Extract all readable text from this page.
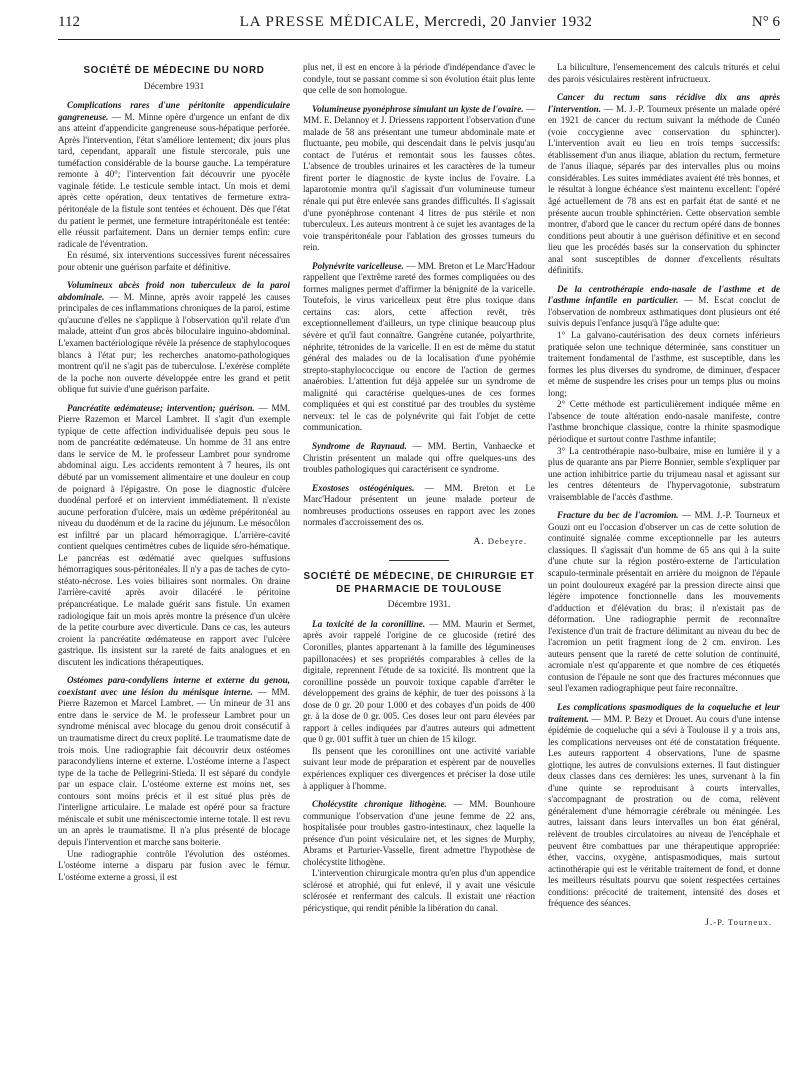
112	LA PRESSE MÉDICALE, Mercredi, 20 Janvier 1932	N° 6
SOCIÉTÉ DE MÉDECINE DU NORD
Décembre 1931

Complications rares d'une péritonite appendiculaire gangreneuse. — M. Minne opère d'urgence un enfant de dix ans atteint d'appendicite gangreneuse sous-hépatique perforée. Après l'intervention, l'état s'améliore lentement; dix jours plus tard, cependant, apparaît une fistule stercorale, puis une tuméfaction considérable de la bourse gauche. La température remonte à 40°; l'intervention fait découvrir une pyocèle vaginale fétide. Le testicule semble intact. Un mois et demi après cette opération, deux tentatives de fermeture extra-péritonéale de la fistule sont tentées et échouent. Dès que l'état du patient le permet, une fermeture intrapéritonéale est tentée: elle réussit parfaitement. Dans un dernier temps enfin: cure radicale de l'éventration.

En résumé, six interventions successives furent nécessaires pour obtenir une guérison parfaite et définitive.

Volumineux abcès froid non tuberculeux de la paroi abdominale. — M. Minne, après avoir rappelé les causes principales de ces inflammations chroniques de la paroi, estime qu'aucune d'elles ne s'applique à l'observation qu'il relate d'un malade, atteint d'un gros abcès biloculaire inguino-abdominal. L'examen bactériologique révèle la présence de staphylocoques blancs à l'état pur; les recherches anatomo-pathologiques montrent qu'il ne s'agit pas de tuberculose. L'exérèse complète de la poche non ouverte développée entre les grand et petit oblique fut suivie d'une guérison parfaite.

Pancréatite œdémateuse; intervention; guérison. — MM. Pierre Razemon et Marcel Lambret. Il s'agit d'un exemple typique de cette affection individualisée depuis peu sous le nom de pancréatite œdémateuse. Un homme de 31 ans entre dans le service de M. le professeur Lambret pour syndrome abdominal aigu. Les accidents remontent à 7 heures, ils ont débuté par un vomissement alimentaire et une douleur en coup de poignard à l'épigastre. On pose le diagnostic d'ulcère duodénal perforé et on intervient immédiatement. Il n'existe aucune perforation d'ulcère, mais un œdème prépéritonéal au niveau du duodénum et de la racine du jéjunum. Le mésocôlon est infiltré par un placard hémorragique. L'arrière-cavité contient quelques centimètres cubes de liquide séro-hématique. Le pancréas est œdématié avec quelques suffusions hémorragiques sous-péritonéales. Il n'y a pas de taches de cyto-stéato-nécrose. Les voies biliaires sont normales. On draine l'arrière-cavité après avoir dilacéré le péritoine prépancréatique. Le malade guérit sans fistule. Un examen radiologique fait un mois après montre la présence d'un ulcère de la petite courbure avec diverticule. Dans ce cas, les auteurs croient la pancréatite œdémateuse en rapport avec l'ulcère gastrique. Ils insistent sur la rareté de faits analogues et en discutent les indications thérapeutiques.

Ostéomes para-condyliens interne et externe du genou, coexistant avec une lésion du ménisque interne. — MM. Pierre Razemon et Marcel Lambret. — Un mineur de 31 ans entre dans le service de M. le professeur Lambret pour un syndrome méniscal avec blocage du genou droit consécutif à un traumatisme direct du creux poplité. Le traumatisme date de trois mois. Une radiographie fait découvrir deux ostéomes paracondyliens interne et externe. L'ostéome interne a l'aspect type de la tache de Pellegrini-Stieda. Il est séparé du condyle par un espace clair. L'ostéome externe est moins net, ses contours sont moins précis et il est situé plus près de l'interligne articulaire. Le malade est opéré pour sa fracture méniscale et subit une méniscectomie interne totale. Il est revu un an après le traumatisme. Il n'a plus présenté de blocage depuis l'intervention et marche sans boiterie.

Une radiographie contrôle l'évolution des ostéomes. L'ostéome interne a disparu par fusion avec le fémur. L'ostéome externe a grossi, il est

plus net, il est en encore à la période d'indépendance d'avec le condyle, tout se passant comme si son évolution était plus lente que celle de son homologue.

Volumineuse pyonéphrose simulant un kyste de l'ovaire. — MM. E. Delannoy et J. Driessens rapportent l'observation d'une malade de 58 ans présentant une tumeur abdominale mate et fluctuante, peu mobile, qui descendait dans le pelvis jusqu'au contact de l'utérus et remontait sous les fausses côtes. L'absence de troubles urinaires et les caractères de la tumeur firent porter le diagnostic de kyste inclus de l'ovaire. La laparotomie montra qu'il s'agissait d'un volumineuse tumeur rénale qui put être enlevée sans grandes difficultés. Il s'agissait d'une pyonéphrose contenant 4 litres de pus stérile et non tuberculeux. Les auteurs montrent à ce sujet les avantages de la voie transpéritonéale pour l'ablation des grosses tumeurs du rein.

Polynévrite varicelleuse. — MM. Breton et Le Marc'Hadour rappellent que l'extrême rareté des formes compliquées ou des formes malignes permet d'affirmer la bénignité de la varicelle. Toutefois, le virus varicelleux peut être plus toxique dans certains cas: alors, cette affection revêt, très exceptionnellement d'ailleurs, un type clinique beaucoup plus sévère et qu'il faut connaître. Gangrène cutanée, polyarthrite, néphrite, tétronides de la varicelle. Il en est de même du statut général des malades ou de la localisation d'une pyohémie strepto-staphylococcique ou encore de l'action de germes anaérobies. L'attention fut déjà appelée sur un syndrome de malignité qui caractérise quelques-unes de ces formes compliquées et qui est constitué par des troubles du système nerveux: tel le cas de polynévrite qui fait l'objet de cette communication.

Syndrome de Raynaud. — MM. Bertin, Vanhaecke et Christin présentent un malade qui offre quelques-uns des troubles pathologiques qui caractérisent ce syndrome.

Exostoses ostéogéniques. — MM. Breton et Le Marc'Hadour présentent un jeune malade porteur de nombreuses productions osseuses en rapport avec les zones normales d'accroissement des os.

A. Debeyre.
SOCIÉTÉ DE MÉDECINE, DE CHIRURGIE ET DE PHARMACIE DE TOULOUSE
Décembre 1931.

La toxicité de la coronilline. — MM. Maurin et Sermet, après avoir rappelé l'origine de ce glucoside (retiré des Coronilles, plantes appartenant à la famille des légumineuses papillonacées) et ses propriétés comparables à celles de la digitale, reprennent l'étude de sa toxicité. Ils montrent que la coronilline possède un pouvoir toxique capable d'arrêter le développement des grains de képhir, de tuer des poissons à la dose de 0 gr. 20 pour 1.000 et des cobayes d'un poids de 400 gr. à la dose de 0 gr. 005. Ces doses leur ont paru élevées par rapport à celles indiquées par d'autres auteurs qui admettent que 0 gr. 001 suffit à tuer un chien de 15 kilogr.

Ils pensent que les coronillines ont une activité variable suivant leur mode de préparation et espèrent par de nouvelles expériences expliquer ces divergences et préciser la dose utile à appliquer à l'homme.

Cholécystite chronique lithogène. — MM. Bounhoure communique l'observation d'une jeune femme de 22 ans, hospitalisée pour troubles gastro-intestinaux, chez laquelle la présence d'un point vésiculaire net, et les signes de Murphy, Abrams et Parturier-Vasselle, firent admettre l'hypothèse de cholécystite lithogène.

L'intervention chirurgicale montra qu'en plus d'un appendice sclérosé et atrophié, qui fut enlevé, il y avait une vésicule sclérosée et renfermant des calculs. Il existait une réaction péricystique, qui rendit pénible la libération du canal.

La biliculture, l'ensemencement des calculs triturés et celui des parois vésiculaires restèrent infructueux.

Cancer du rectum sans récidive dix ans après l'intervention. — M. J.-P. Tourneux présente un malade opéré en 1921 de cancer du rectum suivant la méthode de Cunéo (voie coccygienne avec conservation du sphincter). L'intervention avait eu lieu en trois temps successifs: établissement d'un anus iliaque, ablation du rectum, fermeture de l'anus iliaque, séparés par des intervalles plus ou moins considérables. Les suites immédiates avaient été très bonnes, et le résultat à longue échéance s'est maintenu excellent: l'opéré âgé actuellement de 78 ans est en parfait état de santé et ne présente aucun trouble sphinctérien. Cette observation semble montrer, d'abord que le cancer du rectum opéré dans de bonnes conditions peut aboutir à une guérison définitive et en second lieu que les procédés basés sur la conservation du sphincter anal sont susceptibles de donner d'excellents résultats définitifs.

De la centrothérapie endo-nasale de l'asthme et de l'asthme infantile en particulier. — M. Escat conclut de l'observation de nombreux asthmatiques dont plusieurs ont été suivis depuis l'enfance jusqu'à l'âge adulte que:

1° La galvano-cautérisation des deux cornets inférieurs pratiquée selon une technique déterminée, sans constituer un traitement fondamental de l'asthme, est susceptible, dans les formes les plus diverses du syndrome, de diminuer, d'espacer et même de suspendre les crises pour un temps plus ou moins long;

2° Cette méthode est particulièrement indiquée même en l'absence de toute altération endo-nasale manifeste, contre l'asthme bronchique classique, contre la rhinite spasmodique périodique et surtout contre l'asthme infantile;

3° La centrothérapie naso-bulbaire, mise en lumière il y a plus de quarante ans par Pierre Bonnier, semble s'expliquer par une action inhibitrice partie du trijumeau nasal et agissant sur les centres détenteurs de l'hypervagotonie, substratum vraisemblable de l'accès d'asthme.

Fracture du bec de l'acromion. — MM. J.-P. Tourneux et Gouzi ont eu l'occasion d'observer un cas de cette solution de continuité signalée comme exceptionnelle par les auteurs classiques. Il s'agissait d'un homme de 65 ans qui à la suite d'une chute sur la région postéro-externe de l'articulation scapulo-terminale présentait en arrière du moignon de l'épaule un point douloureux exagéré par la pression directe ainsi que légère impotence fonctionnelle dans les mouvements d'adduction et d'élévation du bras; il n'existait pas de déformation. Une radiographie permit de reconnaître l'existence d'un trait de fracture délimitant au niveau du bec de l'acromion un petit fragment long de 2 cm. environ. Les auteurs pensent que la rareté de cette solution de continuité, acromiale n'est qu'apparente et que nombre de ces étiquetés contusion de l'épaule ne sont que des fractures méconnues que seul l'examen radiographique peut faire reconnaître.

Les complications spasmodiques de la coqueluche et leur traitement. — MM. P. Bezy et Drouet. Au cours d'une intense épidémie de coqueluche qui a sévi à Toulouse il y a trois ans, les complications nerveuses ont été de constatation fréquente. Les auteurs rapportent 4 observations, l'une de spasme glottique, les autres de convulsions externes. Il faut distinguer deux classes dans ces dernières: les unes, survenant à la fin d'une quinte se reproduisant à courts intervalles, s'accompagnant de prostration ou de coma, relèvent généralement d'une hémorragie cérébrale ou méningée. Les autres, laissant dans leurs intervalles un bon état général, relèvent de troubles circulatoires au niveau de l'encéphale et peuvent être combattues par une thérapeutique appropriée: éther, vaccins, oxygène, antispasmodiques, mais surtout actinothérapie qui est le véritable traitement de fond, et donne les meilleurs résultats pourvu que soient respectées certaines conditions: précocité de traitement, intensité des doses et fréquence des séances.

J.-P. Tourneux.
